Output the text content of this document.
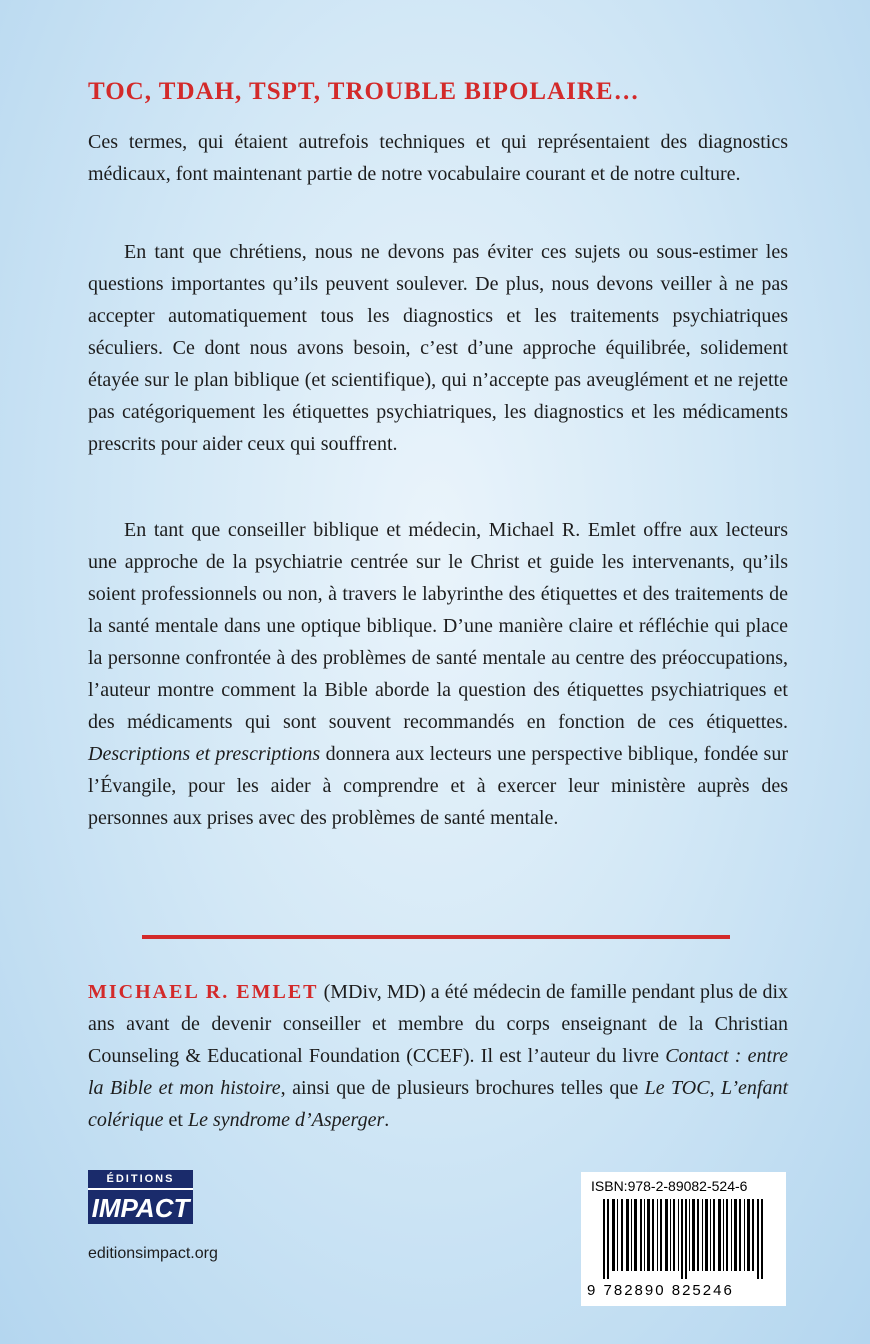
TOC, TDAH, TSPT, TROUBLE BIPOLAIRE…
Ces termes, qui étaient autrefois techniques et qui représentaient des diagnostics médicaux, font maintenant partie de notre vocabulaire courant et de notre culture.
En tant que chrétiens, nous ne devons pas éviter ces sujets ou sous-estimer les questions importantes qu’ils peuvent soulever. De plus, nous devons veiller à ne pas accepter automatiquement tous les diagnostics et les traitements psychiatriques séculiers. Ce dont nous avons besoin, c’est d’une approche équilibrée, solidement étayée sur le plan biblique (et scientifique), qui n’accepte pas aveuglément et ne rejette pas catégoriquement les étiquettes psychiatriques, les diagnostics et les médicaments prescrits pour aider ceux qui souffrent.
En tant que conseiller biblique et médecin, Michael R. Emlet offre aux lecteurs une approche de la psychiatrie centrée sur le Christ et guide les intervenants, qu’ils soient professionnels ou non, à travers le labyrinthe des étiquettes et des traitements de la santé mentale dans une optique biblique. D’une manière claire et réfléchie qui place la personne confrontée à des problèmes de santé mentale au centre des préoccupations, l’auteur montre comment la Bible aborde la question des étiquettes psychiatriques et des médicaments qui sont souvent recommandés en fonction de ces étiquettes. Descriptions et prescriptions donnera aux lecteurs une perspective biblique, fondée sur l’Évangile, pour les aider à comprendre et à exercer leur ministère auprès des personnes aux prises avec des problèmes de santé mentale.
MICHAEL R. EMLET (MDiv, MD) a été médecin de famille pendant plus de dix ans avant de devenir conseiller et membre du corps enseignant de la Christian Counseling & Educational Foundation (CCEF). Il est l’auteur du livre Contact : entre la Bible et mon histoire, ainsi que de plusieurs brochures telles que Le TOC, L’enfant colérique et Le syndrome d’Asperger.
ÉDITIONS
IMPACT
editionsimpact.org
ISBN:978-2-89082-524-6
9 782890 825246
